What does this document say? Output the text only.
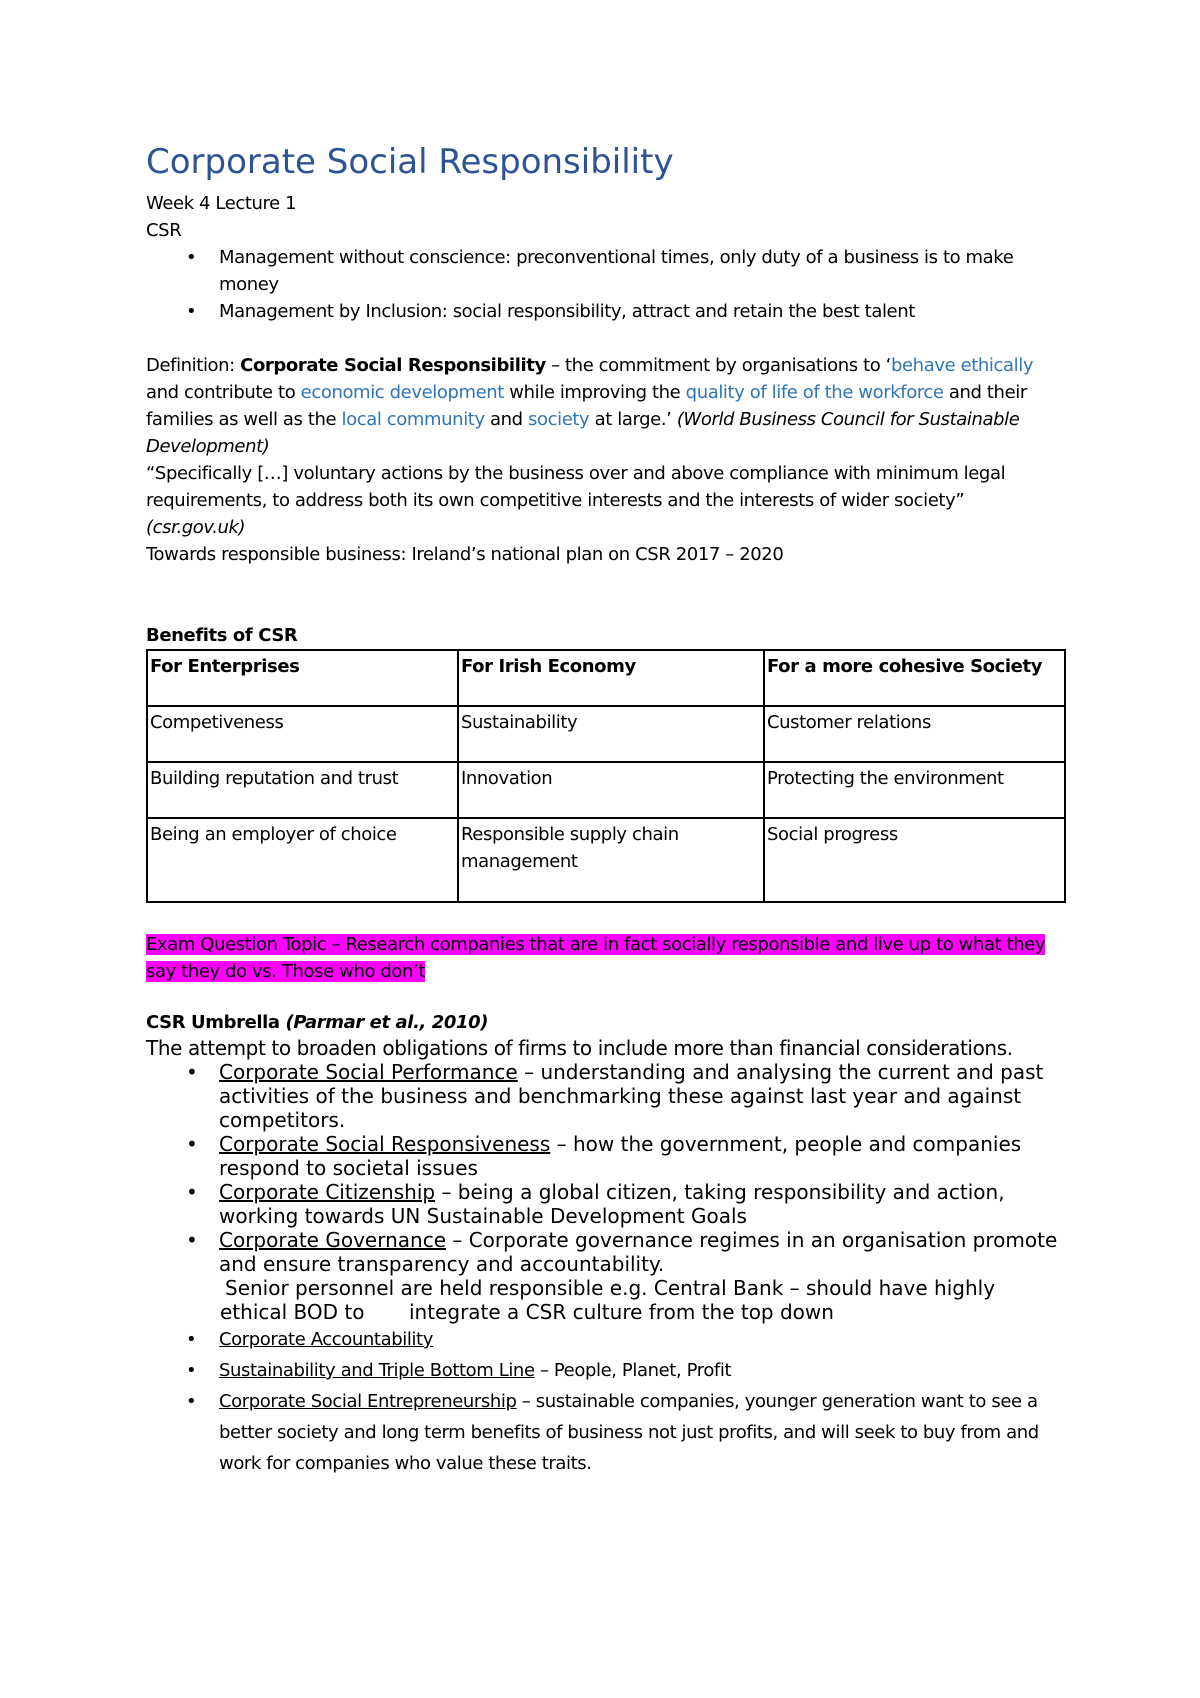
Corporate Social Responsibility

Week 4 Lecture 1

CSR

• Management without conscience: preconventional times, only duty of a business is to make money
• Management by Inclusion: social responsibility, attract and retain the best talent

Definition: Corporate Social Responsibility – the commitment by organisations to ‘behave ethically and contribute to economic development while improving the quality of life of the workforce and their families as well as the local community and society at large.’ (World Business Council for Sustainable Development)

“Specifically […] voluntary actions by the business over and above compliance with minimum legal requirements, to address both its own competitive interests and the interests of wider society” (csr.gov.uk)

Towards responsible business: Ireland’s national plan on CSR 2017 – 2020

Benefits of CSR

For Enterprises	For Irish Economy	For a more cohesive Society
Competiveness	Sustainability	Customer relations
Building reputation and trust	Innovation	Protecting the environment
Being an employer of choice	Responsible supply chain management	Social progress

Exam Question Topic – Research companies that are in fact socially responsible and live up to what they say they do vs. Those who don’t

CSR Umbrella (Parmar et al., 2010)

The attempt to broaden obligations of firms to include more than financial considerations.

• Corporate Social Performance – understanding and analysing the current and past activities of the business and benchmarking these against last year and against competitors.
• Corporate Social Responsiveness – how the government, people and companies respond to societal issues
• Corporate Citizenship – being a global citizen, taking responsibility and action, working towards UN Sustainable Development Goals
• Corporate Governance – Corporate governance regimes in an organisation promote and ensure transparency and accountability.

Senior personnel are held responsible e.g. Central Bank – should have highly

ethical BOD to       integrate a CSR culture from the top down

• Corporate Accountability
• Sustainability and Triple Bottom Line – People, Planet, Profit
• Corporate Social Entrepreneurship – sustainable companies, younger generation want to see a better society and long term benefits of business not just profits, and will seek to buy from and work for companies who value these traits.
